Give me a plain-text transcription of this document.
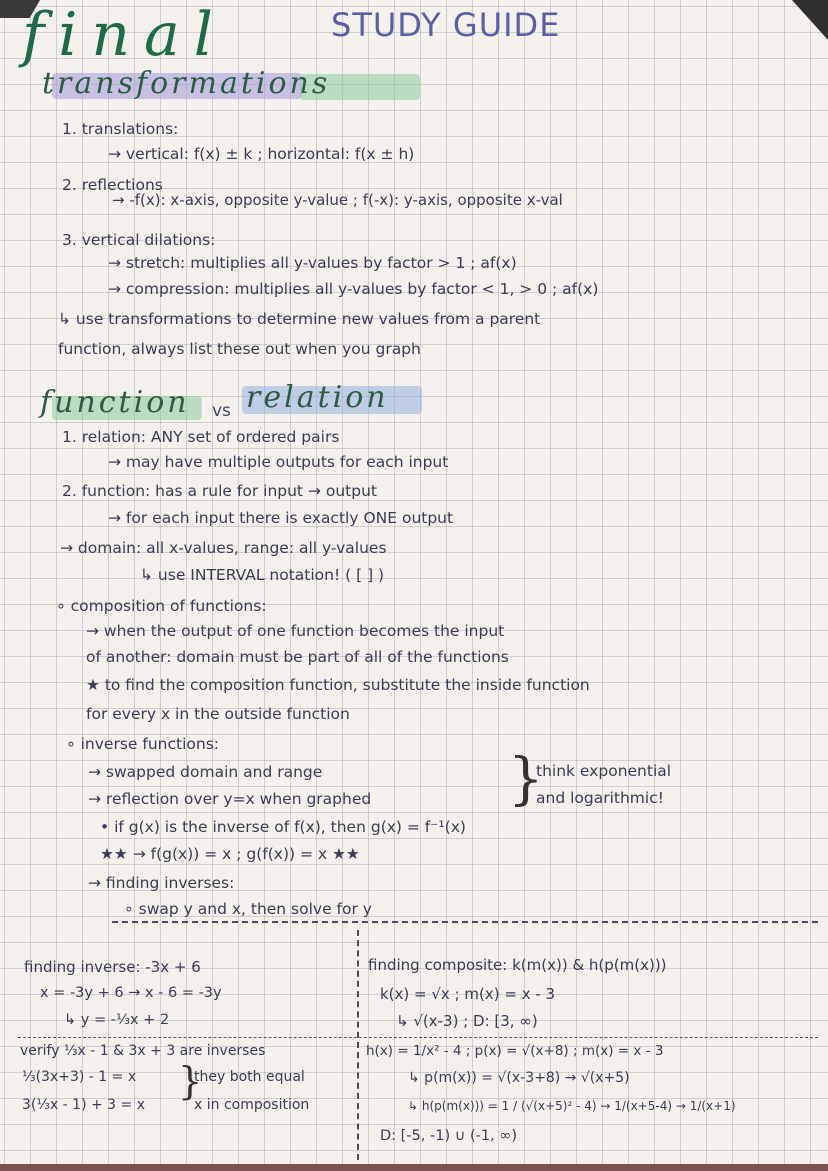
final	STUDY GUIDE
transformations
1. translations:
→ vertical: f(x) ± k ; horizontal: f(x ± h)
2. reflections
→ -f(x): x-axis, opposite y-value ; f(-x): y-axis, opposite x-val
3. vertical dilations:
→ stretch: multiplies all y-values by factor > 1 ; af(x)
→ compression: multiplies all y-values by factor < 1, > 0 ; af(x)
↳ use transformations to determine new values from a parent
function, always list these out when you graph
function vs relation
1. relation: ANY set of ordered pairs
→ may have multiple outputs for each input
2. function: has a rule for input → output
→ for each input there is exactly ONE output
→ domain: all x-values, range: all y-values
↳ use INTERVAL notation! ( [ ] )
∘ composition of functions:
→ when the output of one function becomes the input
of another: domain must be part of all of the functions
★ to find the composition function, substitute the inside function
for every x in the outside function
∘ inverse functions:
→ swapped domain and range
→ reflection over y=x when graphed }
think exponential
and logarithmic!
• if g(x) is the inverse of f(x), then g(x) = f⁻¹(x)
★★ → f(g(x)) = x ; g(f(x)) = x ★★
→ finding inverses:
∘ swap y and x, then solve for y
finding inverse: -3x + 6
x = -3y + 6 → x - 6 = -3y
↳ y = -⅓x + 2
verify ⅓x - 1 & 3x + 3 are inverses
⅓(3x+3) - 1 = x }
they both equal
3(⅓x - 1) + 3 = x	x in composition
finding composite: k(m(x)) & h(p(m(x)))
k(x) = √x ; m(x) = x - 3
↳ √(x-3) ; D: [3, ∞)
h(x) = 1/x² - 4 ; p(x) = √(x+8) ; m(x) = x - 3
↳ p(m(x)) = √(x-3+8) → √(x+5)
↳ h(p(m(x))) = 1 / (√(x+5)² - 4) → 1/(x+5-4) → 1/(x+1)
D: [-5, -1) ∪ (-1, ∞)
